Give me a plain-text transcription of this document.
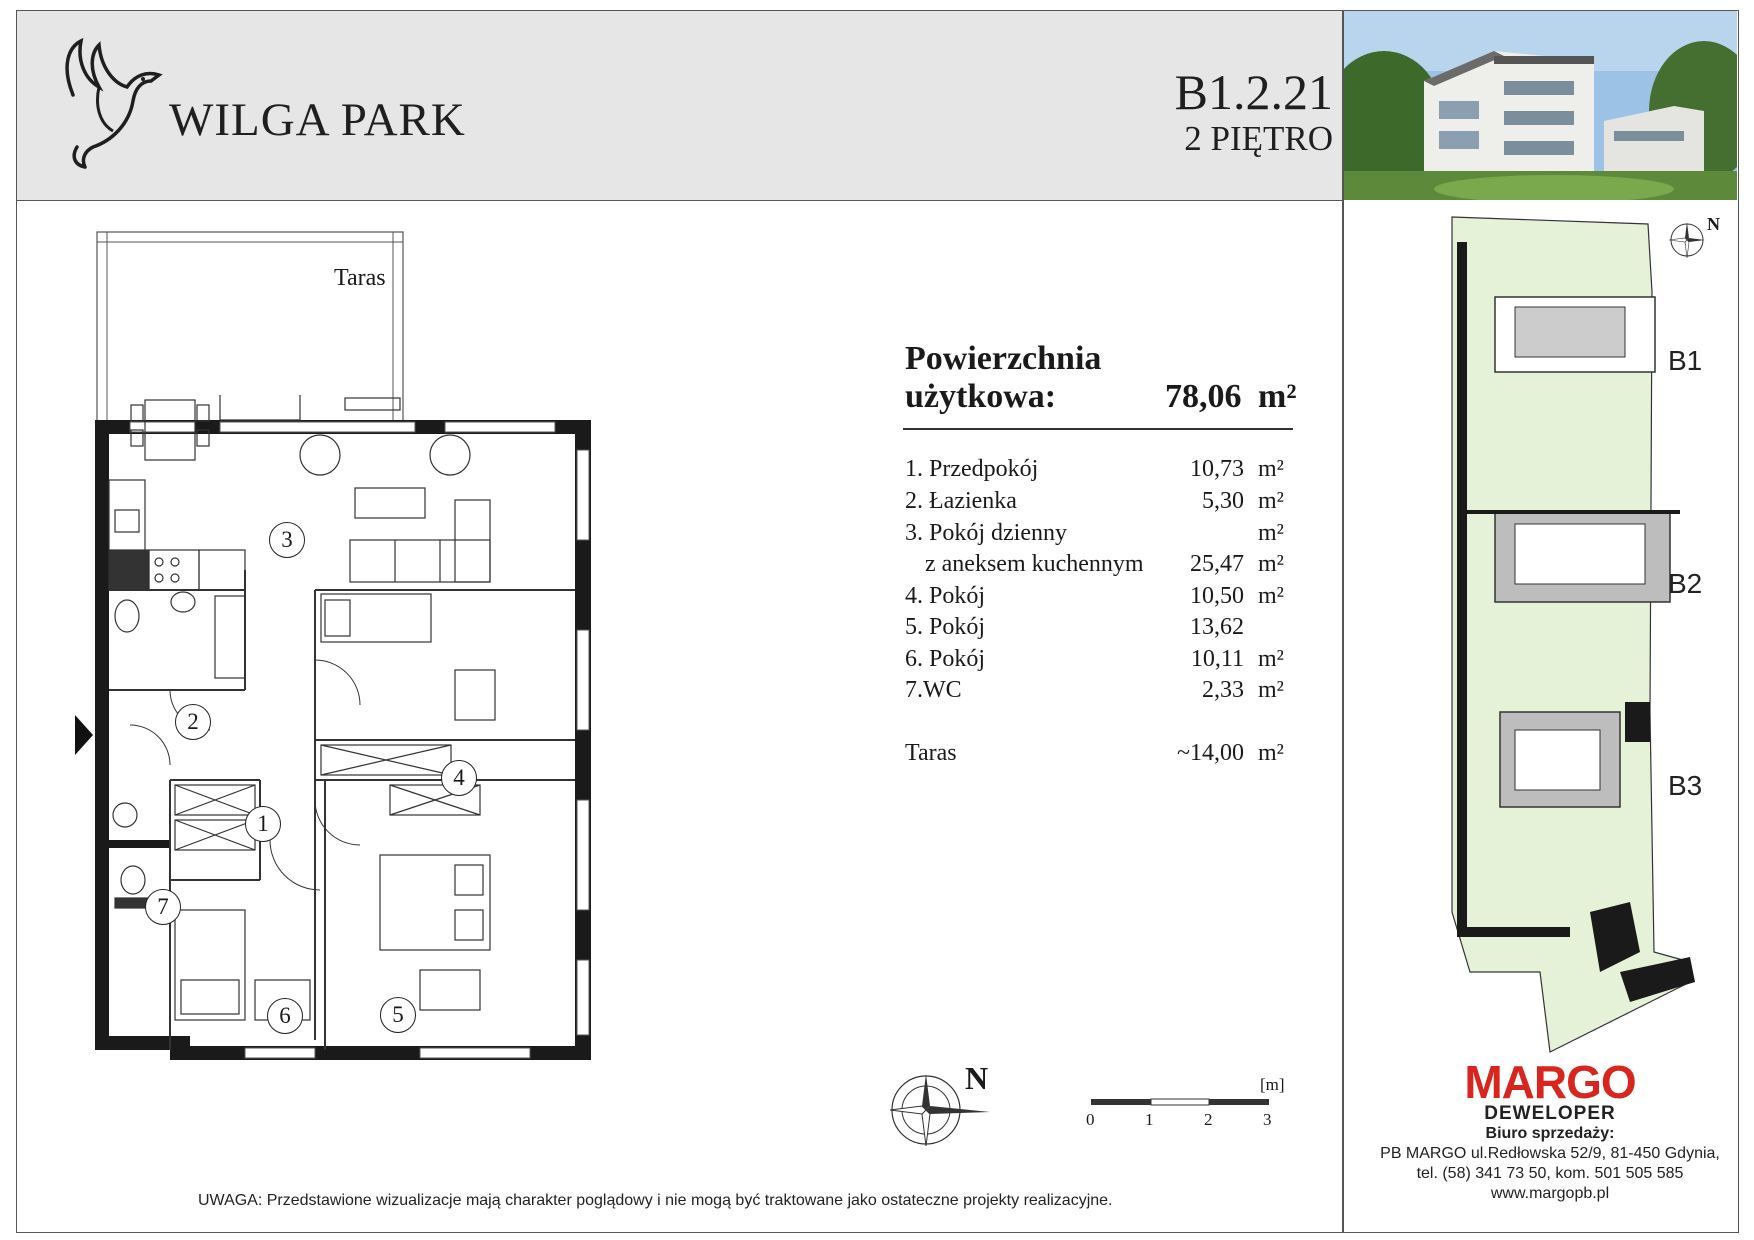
WILGA PARK	B1.2.21
2 PIĘTRO
Taras
1
2
3
4
5
6
7
Powierzchnia
użytkowa:	78,06 m²
1. Przedpokój	10,73 m²
2. Łazienka	5,30 m²
3. Pokój dzienny	m²
z aneksem kuchennym	25,47 m²
4. Pokój	10,50 m²
5. Pokój	13,62
6. Pokój	10,11 m²
7.WC	2,33 m²
Taras	~14,00 m²
N	[m]
0	1	2	3
B1
B2
B3
N
MARGO
DEWELOPER
Biuro sprzedaży:
PB MARGO ul.Redłowska 52/9, 81-450 Gdynia,
tel. (58) 341 73 50, kom. 501 505 585
www.margopb.pl
UWAGA: Przedstawione wizualizacje mają charakter poglądowy i nie mogą być traktowane jako ostateczne projekty realizacyjne.
